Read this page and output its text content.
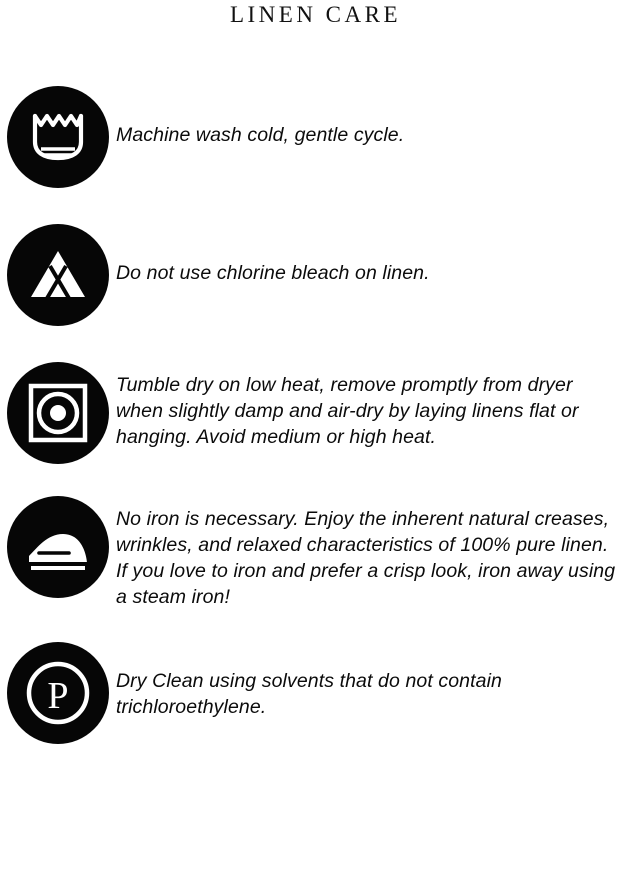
LINEN CARE
Machine wash cold, gentle cycle.
Do not use chlorine bleach on linen.
Tumble dry on low heat, remove promptly from dryer when slightly damp and air-dry by laying linens flat or hanging. Avoid medium or high heat.
No iron is necessary. Enjoy the inherent natural creases, wrinkles, and relaxed characteristics of 100% pure linen. If you love to iron and prefer a crisp look, iron away using a steam iron!
P Dry Clean using solvents that do not contain trichloroethylene.
